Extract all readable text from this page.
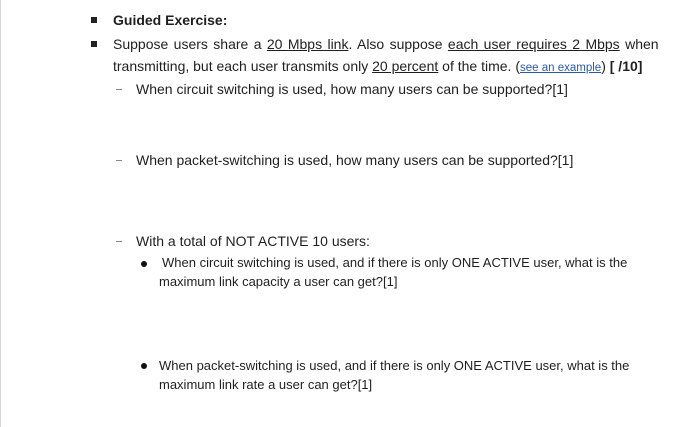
Guided Exercise:
Suppose users share a 20 Mbps link. Also suppose each user requires 2 Mbps when
transmitting, but each user transmits only 20 percent of the time. (see an example) [ /10]
When circuit switching is used, how many users can be supported?[1]
When packet-switching is used, how many users can be supported?[1]
With a total of NOT ACTIVE 10 users:
When circuit switching is used, and if there is only ONE ACTIVE user, what is the
maximum link capacity a user can get?[1]
When packet-switching is used, and if there is only ONE ACTIVE user, what is the
maximum link rate a user can get?[1]
